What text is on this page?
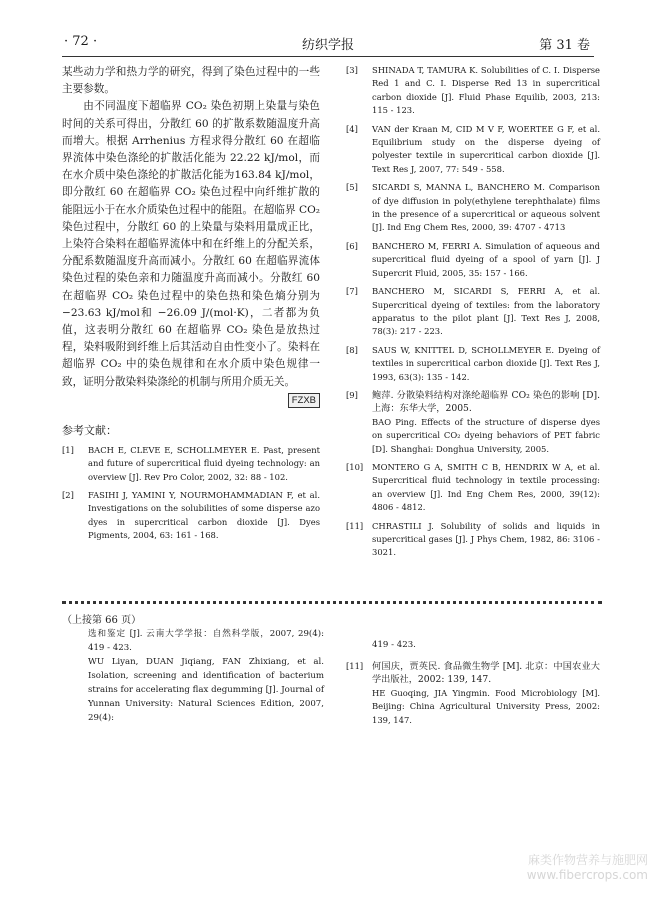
· 72 ·	纺织学报	第 31 卷

某些动力学和热力学的研究，得到了染色过程中的一些主要参数。

由不同温度下超临界 CO₂ 染色初期上染量与染色时间的关系可得出，分散红 60 的扩散系数随温度升高而增大。根据 Arrhenius 方程求得分散红 60 在超临界流体中染色涤纶的扩散活化能为 22.22 kJ/mol，而在水介质中染色涤纶的扩散活化能为163.84 kJ/mol，即分散红 60 在超临界 CO₂ 染色过程中向纤维扩散的能阻远小于在水介质染色过程中的能阻。在超临界 CO₂ 染色过程中，分散红 60 的上染量与染料用量成正比，上染符合染料在超临界流体中和在纤维上的分配关系，分配系数随温度升高而减小。分散红 60 在超临界流体染色过程的染色亲和力随温度升高而减小。分散红 60 在超临界 CO₂ 染色过程中的染色热和染色熵分别为 −23.63 kJ/mol和 −26.09 J/(mol·K)，二者都为负值，这表明分散红 60 在超临界 CO₂ 染色是放热过程，染料吸附到纤维上后其活动自由性变小了。染料在超临界 CO₂ 中的染色规律和在水介质中染色规律一致，证明分散染料染涤纶的机制与所用介质无关。

FZXB
参考文献：
[1] BACH E, CLEVE E, SCHOLLMEYER E. Past, present and future of supercritical fluid dyeing technology: an overview [J]. Rev Pro Color, 2002, 32: 88 - 102.
[2] FASIHI J, YAMINI Y, NOURMOHAMMADIAN F, et al. Investigations on the solubilities of some disperse azo dyes in supercritical carbon dioxide [J]. Dyes Pigments, 2004, 63: 161 - 168.
[3] SHINADA T, TAMURA K. Solubilities of C. I. Disperse Red 1 and C. I. Disperse Red 13 in supercritical carbon dioxide [J]. Fluid Phase Equilib, 2003, 213: 115 - 123.
[4] VAN der Kraan M, CID M V F, WOERTEE G F, et al. Equilibrium study on the disperse dyeing of polyester textile in supercritical carbon dioxide [J]. Text Res J, 2007, 77: 549 - 558.
[5] SICARDI S, MANNA L, BANCHERO M. Comparison of dye diffusion in poly(ethylene terephthalate) films in the presence of a supercritical or aqueous solvent [J]. Ind Eng Chem Res, 2000, 39: 4707 - 4713
[6] BANCHERO M, FERRI A. Simulation of aqueous and supercritical fluid dyeing of a spool of yarn [J]. J Supercrit Fluid, 2005, 35: 157 - 166.
[7] BANCHERO M, SICARDI S, FERRI A, et al. Supercritical dyeing of textiles: from the laboratory apparatus to the pilot plant [J]. Text Res J, 2008, 78(3): 217 - 223.
[8] SAUS W, KNITTEL D, SCHOLLMEYER E. Dyeing of textiles in supercritical carbon dioxide [J]. Text Res J, 1993, 63(3): 135 - 142.
[9] 鲍萍. 分散染料结构对涤纶超临界 CO₂ 染色的影响 [D]. 上海：东华大学，2005.
BAO Ping. Effects of the structure of disperse dyes on supercritical CO₂ dyeing behaviors of PET fabric [D]. Shanghai: Donghua University, 2005.
[10] MONTERO G A, SMITH C B, HENDRIX W A, et al. Supercritical fluid technology in textile processing: an overview [J]. Ind Eng Chem Res, 2000, 39(12): 4806 - 4812.
[11] CHRASTILI J. Solubility of solids and liquids in supercritical gases [J]. J Phys Chem, 1982, 86: 3106 - 3021.
（上接第 66 页）

选和鉴定 [J]. 云南大学学报：自然科学版，2007, 29(4): 419 - 423.

WU Liyan, DUAN Jiqiang, FAN Zhixiang, et al. Isolation, screening and identification of bacterium strains for accelerating flax degumming [J]. Journal of Yunnan University: Natural Sciences Edition, 2007, 29(4):

419 - 423.

[11] 何国庆，贾英民. 食品微生物学 [M]. 北京：中国农业大学出版社，2002: 139, 147.
HE Guoqing, JIA Yingmin. Food Microbiology [M]. Beijing: China Agricultural University Press, 2002: 139, 147.
麻类作物营养与施肥网
www.fibercrops.com
